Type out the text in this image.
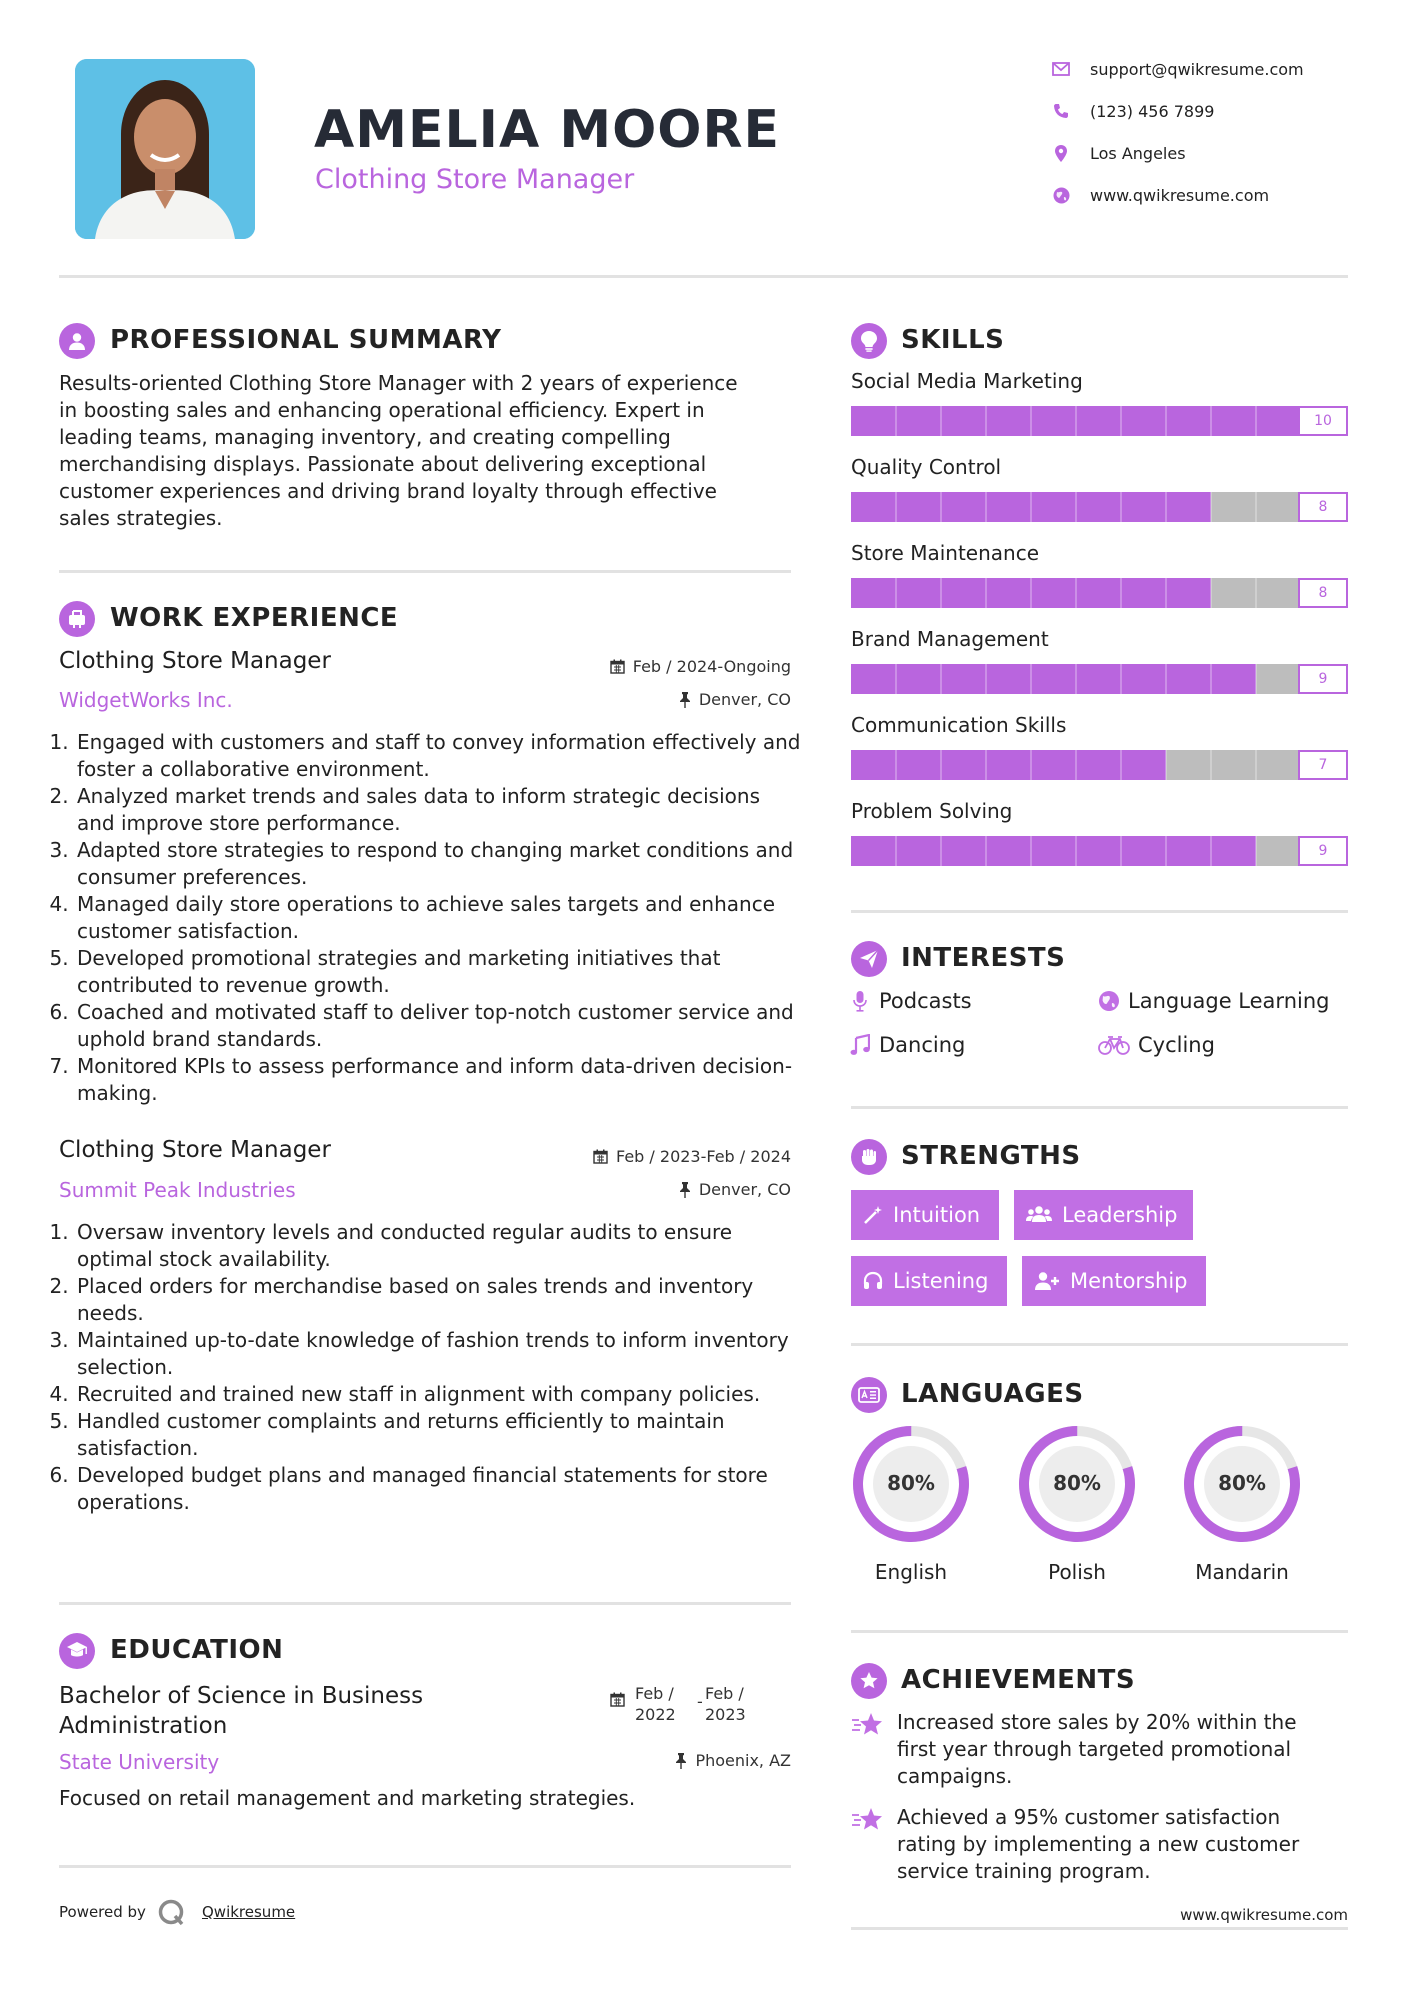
AMELIA MOORE
Clothing Store Manager
support@qwikresume.com
(123) 456 7899
Los Angeles
www.qwikresume.com
PROFESSIONAL SUMMARY
Results-oriented Clothing Store Manager with 2 years of experience
in boosting sales and enhancing operational efficiency. Expert in
leading teams, managing inventory, and creating compelling
merchandising displays. Passionate about delivering exceptional
customer experiences and driving brand loyalty through effective
sales strategies.
WORK EXPERIENCE
Clothing Store Manager	Feb / 2024-Ongoing
WidgetWorks Inc.	Denver, CO
1. Engaged with customers and staff to convey information effectively and foster a collaborative environment.
2. Analyzed market trends and sales data to inform strategic decisions and improve store performance.
3. Adapted store strategies to respond to changing market conditions and consumer preferences.
4. Managed daily store operations to achieve sales targets and enhance customer satisfaction.
5. Developed promotional strategies and marketing initiatives that contributed to revenue growth.
6. Coached and motivated staff to deliver top-notch customer service and uphold brand standards.
7. Monitored KPIs to assess performance and inform data-driven decision-making.
Clothing Store Manager	Feb / 2023-Feb / 2024
Summit Peak Industries	Denver, CO
1. Oversaw inventory levels and conducted regular audits to ensure optimal stock availability.
2. Placed orders for merchandise based on sales trends and inventory needs.
3. Maintained up-to-date knowledge of fashion trends to inform inventory selection.
4. Recruited and trained new staff in alignment with company policies.
5. Handled customer complaints and returns efficiently to maintain satisfaction.
6. Developed budget plans and managed financial statements for store operations.
EDUCATION
Bachelor of Science in Business
Administration
Feb /
2022
- Feb /
2023
State University	Phoenix, AZ
Focused on retail management and marketing strategies.
Powered by	Qwikresume
SKILLS
Social Media Marketing
10
Quality Control
8
Store Maintenance
8
Brand Management
9
Communication Skills
7
Problem Solving
9
INTERESTS
Podcasts	Language Learning
Dancing	Cycling
STRENGTHS
Intuition	Leadership
Listening	Mentorship
LANGUAGES
80%
English
80%
Polish
80%
Mandarin
ACHIEVEMENTS
Increased store sales by 20% within the
first year through targeted promotional
campaigns.
Achieved a 95% customer satisfaction
rating by implementing a new customer
service training program.
www.qwikresume.com
